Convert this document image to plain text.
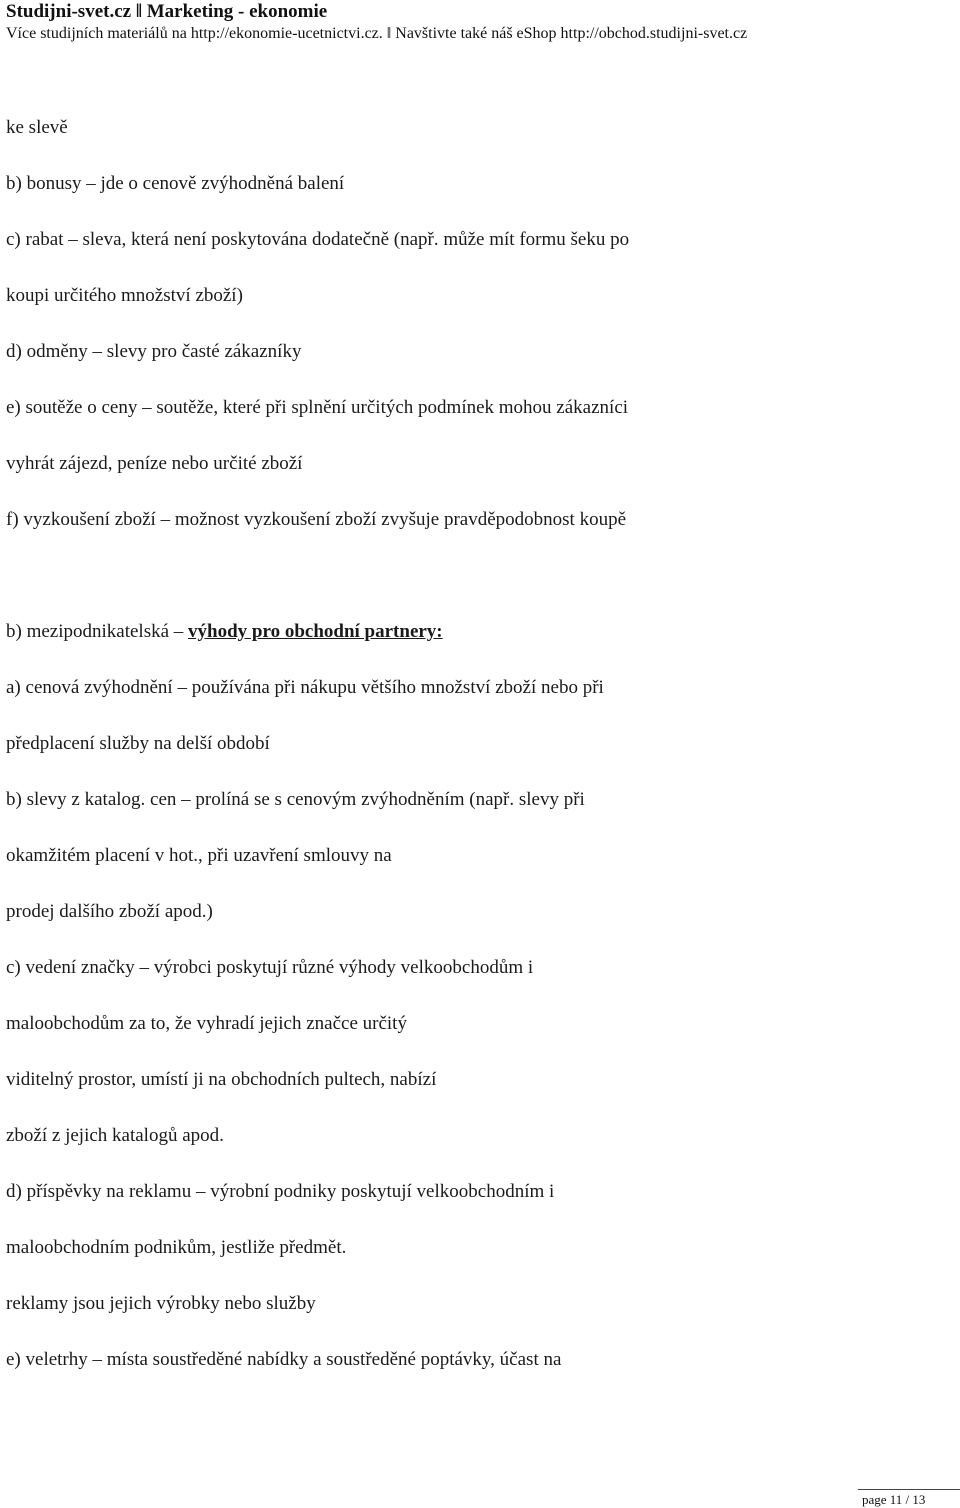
Studijni-svet.cz ǁ Marketing - ekonomie
Více studijních materiálů na http://ekonomie-ucetnictvi.cz. ǁ Navštivte také náš eShop http://obchod.studijni-svet.cz
ke slevě
b) bonusy – jde o cenově zvýhodněná balení
c) rabat – sleva, která není poskytována dodatečně (např. může mít formu šeku po
koupi určitého množství zboží)
d) odměny – slevy pro časté zákazníky
e) soutěže o ceny – soutěže, které při splnění určitých podmínek mohou zákazníci
vyhrát zájezd, peníze nebo určité zboží
f) vyzkoušení zboží – možnost vyzkoušení zboží zvyšuje pravděpodobnost koupě
b) mezipodnikatelská – výhody pro obchodní partnery:
a) cenová zvýhodnění – používána při nákupu většího množství zboží nebo při
předplacení služby na delší období
b) slevy z katalog. cen – prolíná se s cenovým zvýhodněním (např. slevy při
okamžitém placení v hot., při uzavření smlouvy na
prodej dalšího zboží apod.)
c) vedení značky – výrobci poskytují různé výhody velkoobchodům i
maloobchodům za to, že vyhradí jejich značce určitý
viditelný prostor, umístí ji na obchodních pultech, nabízí
zboží z jejich katalogů apod.
d) příspěvky na reklamu – výrobní podniky poskytují velkoobchodním i
maloobchodním podnikům, jestliže předmět.
reklamy jsou jejich výrobky nebo služby
e) veletrhy – místa soustředěné nabídky a soustředěné poptávky, účast na
page 11 / 13
